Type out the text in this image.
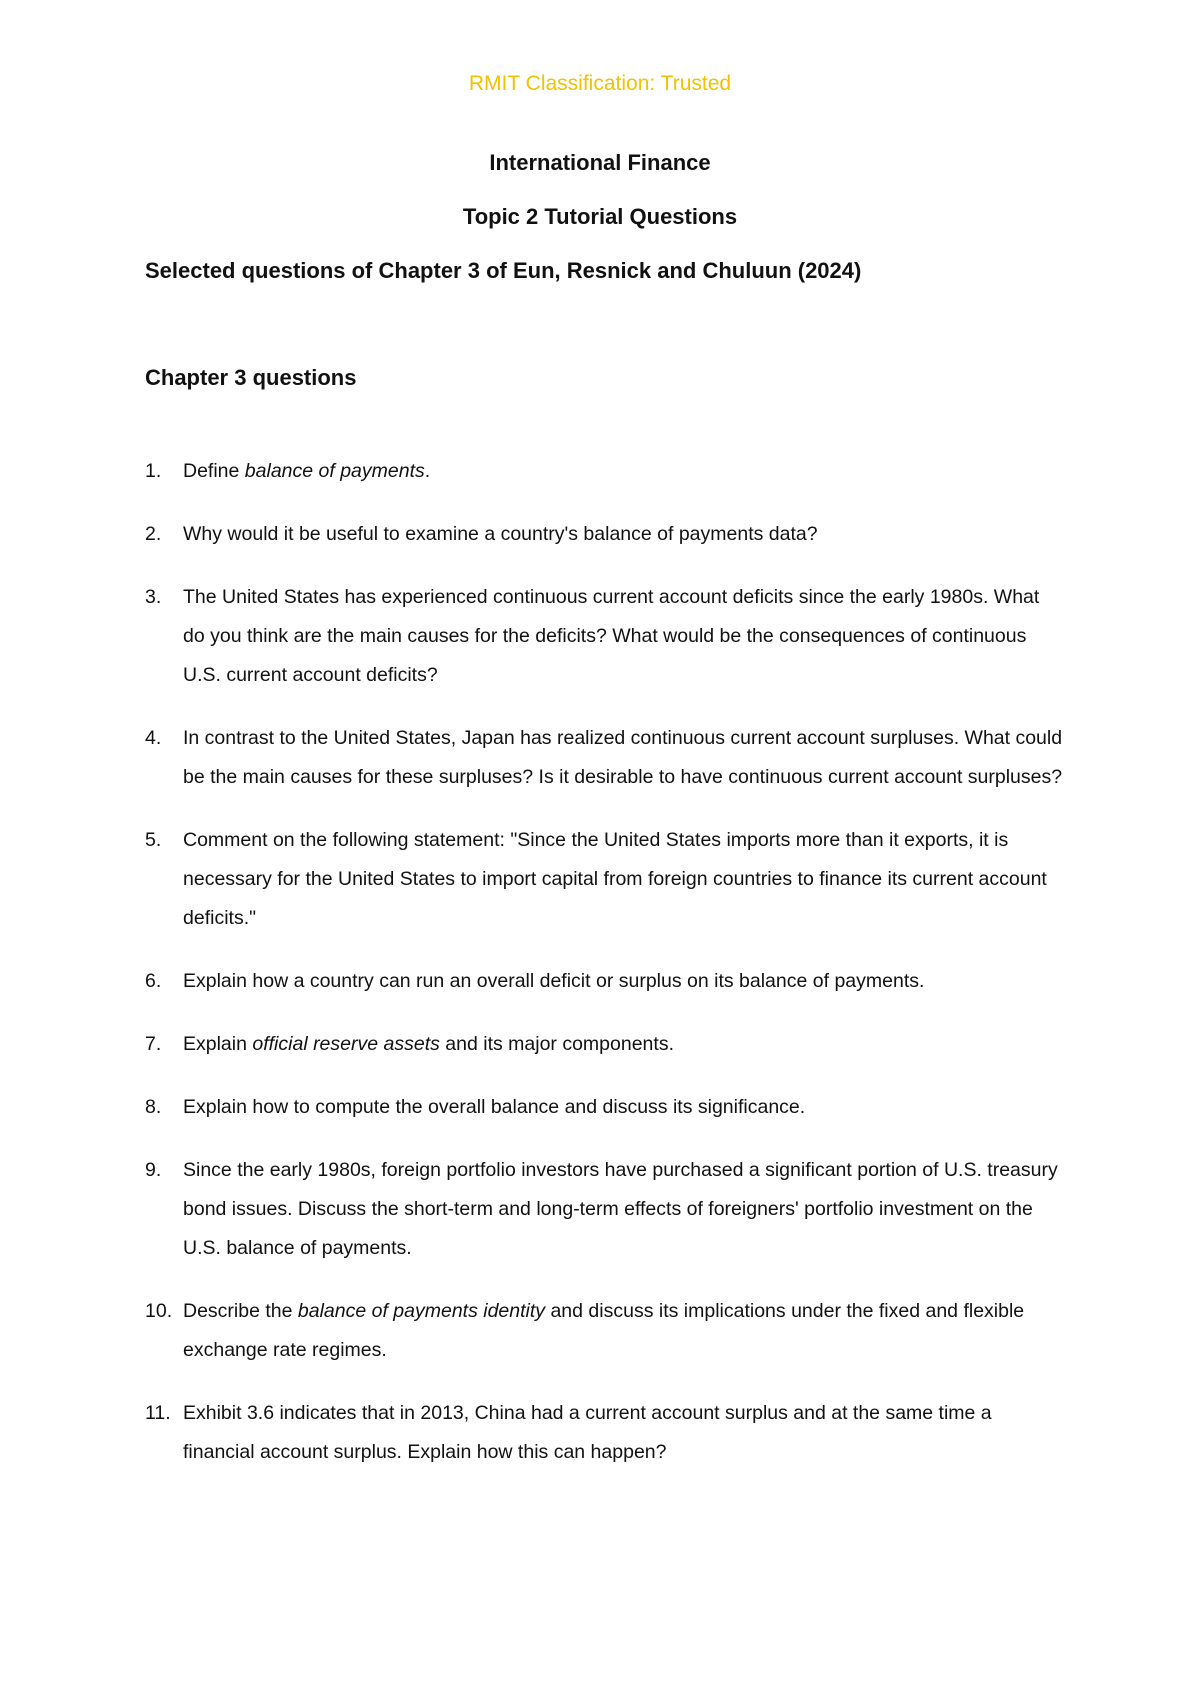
RMIT Classification: Trusted
International Finance
Topic 2 Tutorial Questions
Selected questions of Chapter 3 of Eun, Resnick and Chuluun (2024)
Chapter 3 questions
1. Define balance of payments.
2. Why would it be useful to examine a country's balance of payments data?
3. The United States has experienced continuous current account deficits since the early 1980s. What do you think are the main causes for the deficits? What would be the consequences of continuous U.S. current account deficits?
4. In contrast to the United States, Japan has realized continuous current account surpluses. What could be the main causes for these surpluses? Is it desirable to have continuous current account surpluses?
5. Comment on the following statement: "Since the United States imports more than it exports, it is necessary for the United States to import capital from foreign countries to finance its current account deficits."
6. Explain how a country can run an overall deficit or surplus on its balance of payments.
7. Explain official reserve assets and its major components.
8. Explain how to compute the overall balance and discuss its significance.
9. Since the early 1980s, foreign portfolio investors have purchased a significant portion of U.S. treasury bond issues. Discuss the short-term and long-term effects of foreigners' portfolio investment on the U.S. balance of payments.
10. Describe the balance of payments identity and discuss its implications under the fixed and flexible exchange rate regimes.
11. Exhibit 3.6 indicates that in 2013, China had a current account surplus and at the same time a financial account surplus. Explain how this can happen?
